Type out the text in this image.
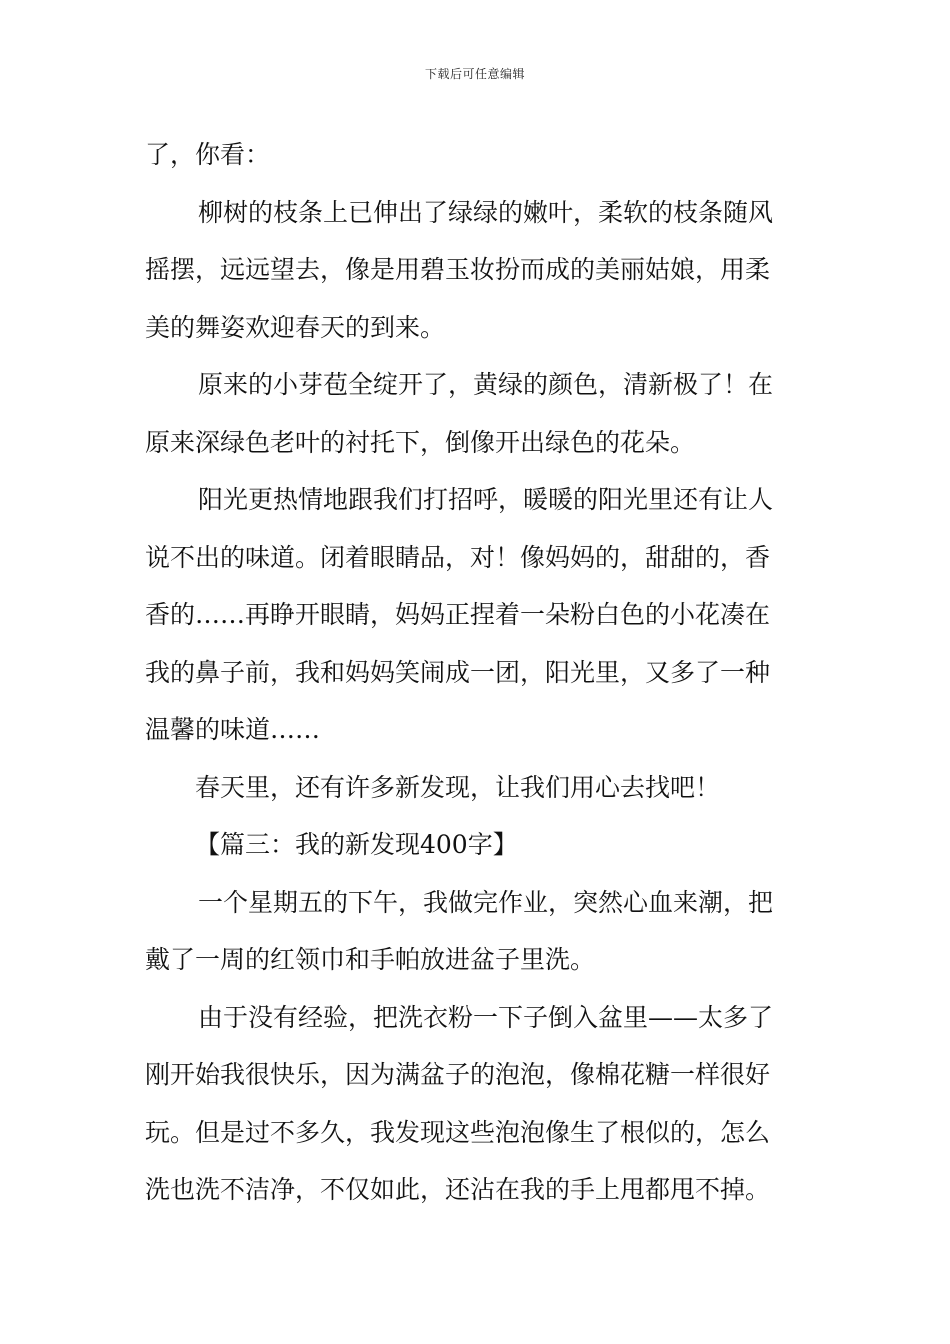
下载后可任意编辑
了，你看：
柳树的枝条上已伸出了绿绿的嫩叶，柔软的枝条随风
摇摆，远远望去，像是用碧玉妆扮而成的美丽姑娘，用柔
美的舞姿欢迎春天的到来。
原来的小芽苞全绽开了，黄绿的颜色，清新极了！在
原来深绿色老叶的衬托下，倒像开出绿色的花朵。
阳光更热情地跟我们打招呼，暖暖的阳光里还有让人
说不出的味道。闭着眼睛品，对！像妈妈的，甜甜的，香
香的……再睁开眼睛，妈妈正捏着一朵粉白色的小花凑在
我的鼻子前，我和妈妈笑闹成一团，阳光里，又多了一种
温馨的味道……
春天里，还有许多新发现，让我们用心去找吧！
【篇三：我的新发现400字】
一个星期五的下午，我做完作业，突然心血来潮，把
戴了一周的红领巾和手帕放进盆子里洗。
由于没有经验，把洗衣粉一下子倒入盆里——太多了
刚开始我很快乐，因为满盆子的泡泡，像棉花糖一样很好
玩。但是过不多久，我发现这些泡泡像生了根似的，怎么
洗也洗不洁净，不仅如此，还沾在我的手上甩都甩不掉。
